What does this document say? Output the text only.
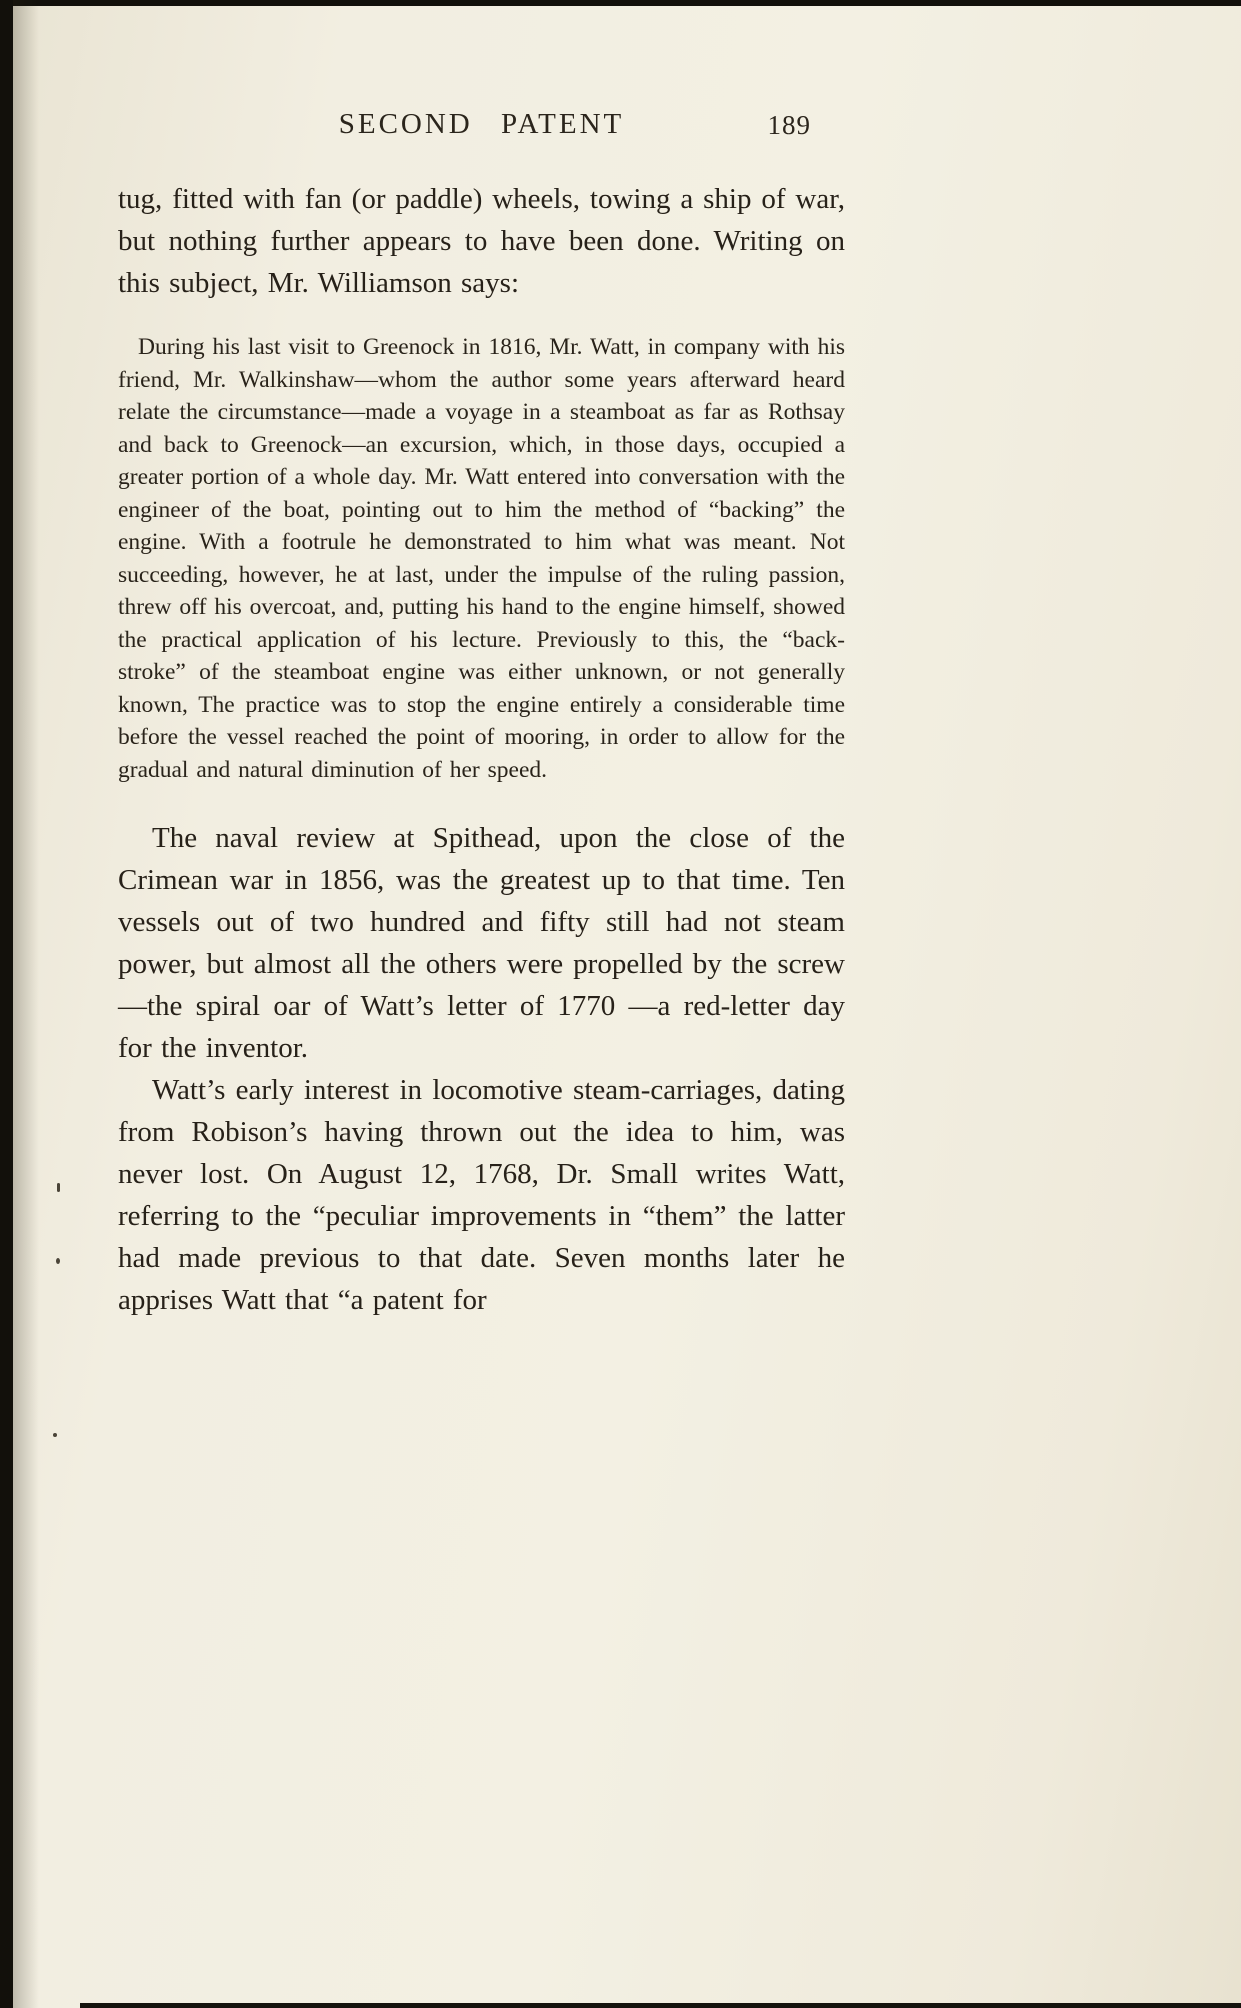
SECOND PATENT	189

tug, fitted with fan (or paddle) wheels, towing a ship of war, but nothing further appears to have been done. Writing on this subject, Mr. Williamson says:

During his last visit to Greenock in 1816, Mr. Watt, in company with his friend, Mr. Walkinshaw—whom the author some years afterward heard relate the circumstance—made a voyage in a steamboat as far as Rothsay and back to Greenock—an excursion, which, in those days, occupied a greater portion of a whole day. Mr. Watt entered into conversation with the engineer of the boat, pointing out to him the method of “backing” the engine. With a footrule he demonstrated to him what was meant. Not succeeding, however, he at last, under the impulse of the ruling passion, threw off his overcoat, and, putting his hand to the engine himself, showed the practical application of his lecture. Previously to this, the “back-stroke” of the steamboat engine was either unknown, or not generally known, The practice was to stop the engine entirely a considerable time before the vessel reached the point of mooring, in order to allow for the gradual and natural diminution of her speed.

The naval review at Spithead, upon the close of the Crimean war in 1856, was the greatest up to that time. Ten vessels out of two hundred and fifty still had not steam power, but almost all the others were propelled by the screw—the spiral oar of Watt’s letter of 1770 —a red-letter day for the inventor.

Watt’s early interest in locomotive steam-carriages, dating from Robison’s having thrown out the idea to him, was never lost. On August 12, 1768, Dr. Small writes Watt, referring to the “peculiar improvements in “them” the latter had made previous to that date. Seven months later he apprises Watt that “a patent for
